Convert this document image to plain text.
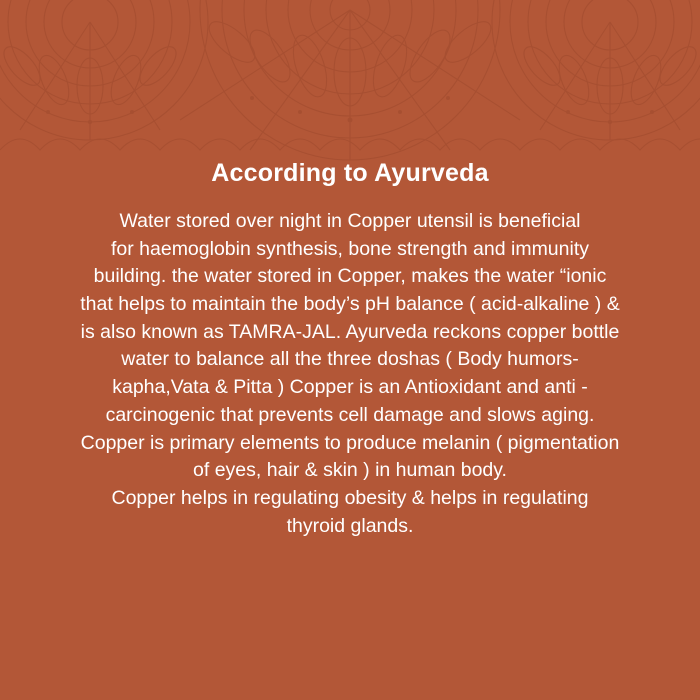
According to Ayurveda
Water stored over night in Copper utensil is beneficial
for haemoglobin synthesis, bone strength and immunity
building. the water stored in Copper, makes the water “ionic
that helps to maintain the body’s pH balance ( acid-alkaline ) &
is also known as TAMRA-JAL. Ayurveda reckons copper bottle
water to balance all the three doshas ( Body humors-
kapha,Vata & Pitta ) Copper is an Antioxidant and anti -
carcinogenic that prevents cell damage and slows aging.
Copper is primary elements to produce melanin ( pigmentation
of eyes, hair & skin ) in human body.
Copper helps in regulating obesity & helps in regulating
thyroid glands.
